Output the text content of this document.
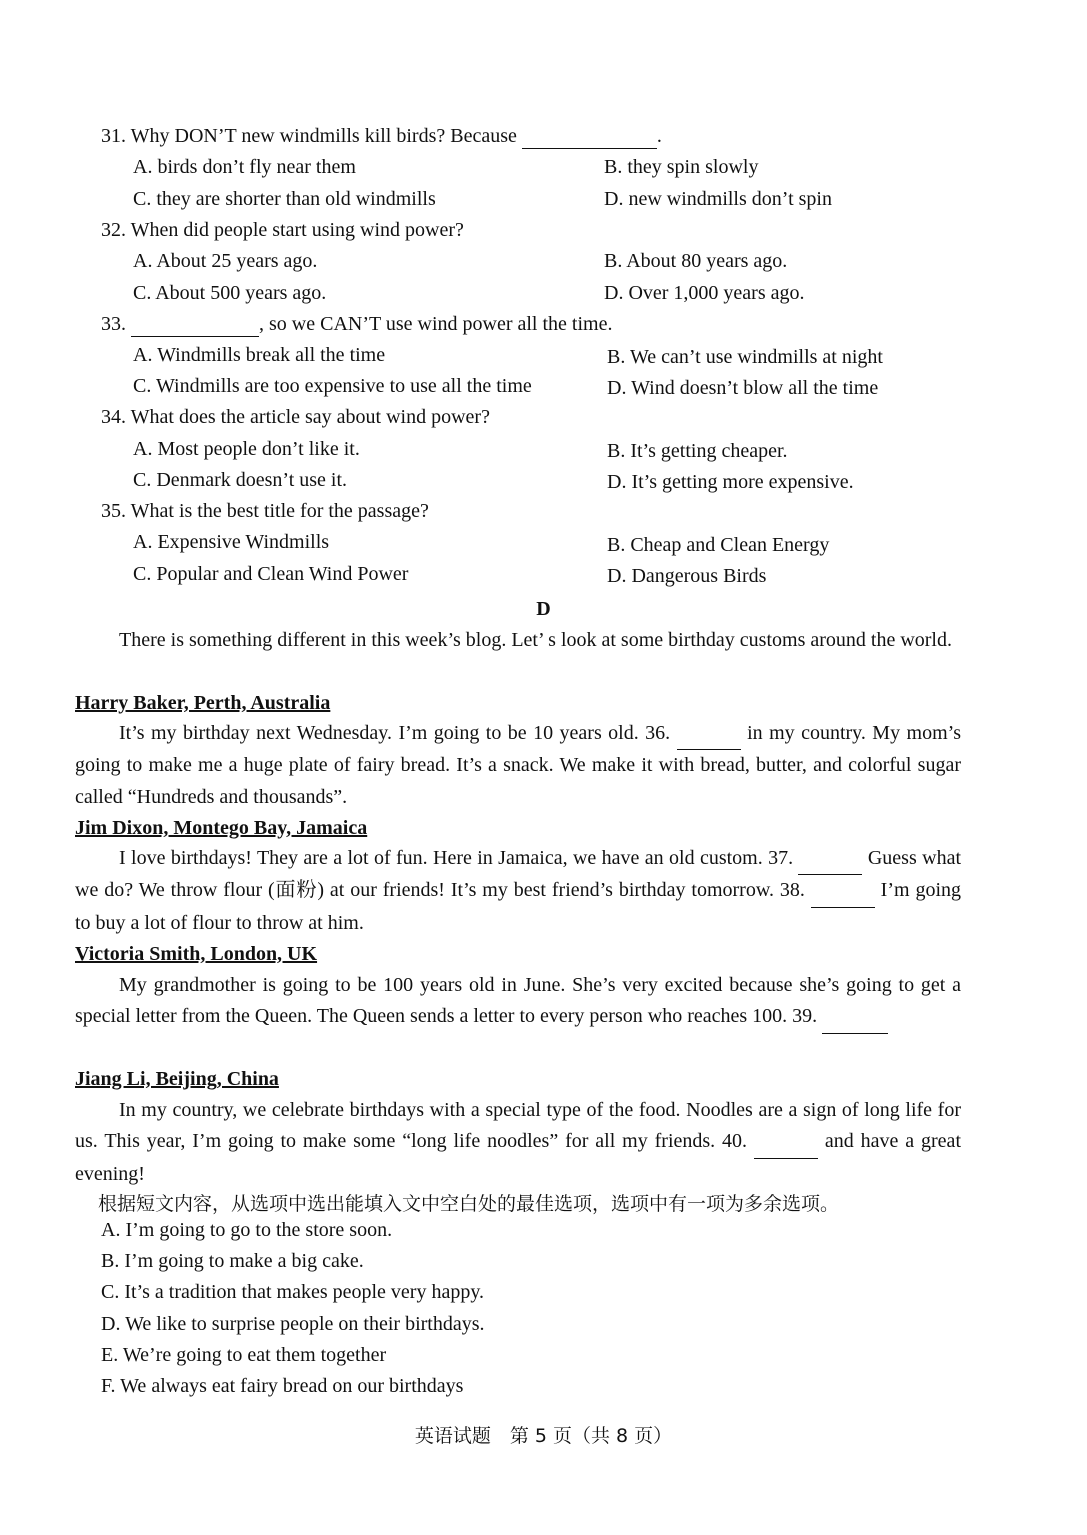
31. Why DON’T new windmills kill birds? Because	.
A. birds don’t fly near them	B. they spin slowly
C. they are shorter than old windmills	D. new windmills don’t spin
32. When did people start using wind power?
A. About 25 years ago.	B. About 80 years ago.
C. About 500 years ago.	D. Over 1,000 years ago.
33.	, so we CAN’T use wind power all the time.
A. Windmills break all the time	B. We can’t use windmills at night
C. Windmills are too expensive to use all the time	D. Wind doesn’t blow all the time
34. What does the article say about wind power?
A. Most people don’t like it.	B. It’s getting cheaper.
C. Denmark doesn’t use it.	D. It’s getting more expensive.
35. What is the best title for the passage?
A. Expensive Windmills	B. Cheap and Clean Energy
C. Popular and Clean Wind Power	D. Dangerous Birds
D

There is something different in this week’s blog. Let’ s look at some birthday customs around the world.

Harry Baker, Perth, Australia

It’s my birthday next Wednesday. I’m going to be 10 years old. 36.	in my country. My mom’s going to make me a huge plate of fairy bread. It’s a snack. We make it with bread, butter, and colorful sugar called “Hundreds and thousands”.

Jim Dixon, Montego Bay, Jamaica

I love birthdays! They are a lot of fun. Here in Jamaica, we have an old custom. 37.	Guess what we do? We throw flour (面粉) at our friends! It’s my best friend’s birthday tomorrow. 38.	I’m going to buy a lot of flour to throw at him.

Victoria Smith, London, UK

My grandmother is going to be 100 years old in June. She’s very excited because she’s going to get a special letter from the Queen. The Queen sends a letter to every person who reaches 100. 39.

Jiang Li, Beijing, China

In my country, we celebrate birthdays with a special type of the food. Noodles are a sign of long life for us. This year, I’m going to make some “long life noodles” for all my friends. 40.	and have a great evening!

根据短文内容，从选项中选出能填入文中空白处的最佳选项，选项中有一项为多余选项。
A. I’m going to go to the store soon.
B. I’m going to make a big cake.
C. It’s a tradition that makes people very happy.
D. We like to surprise people on their birthdays.
E. We’re going to eat them together
F. We always eat fairy bread on our birthdays
英语试题　第 5 页（共 8 页）
